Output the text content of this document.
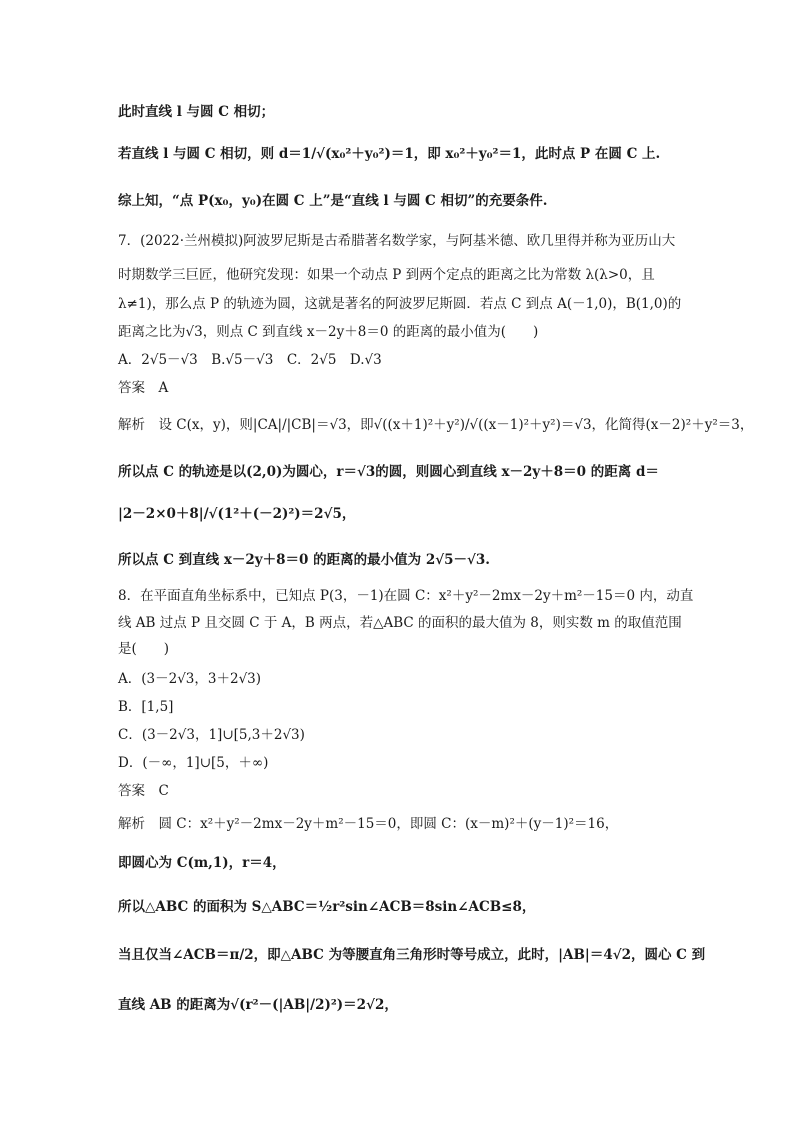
此时直线 l 与圆 C 相切；
若直线 l 与圆 C 相切，则 d＝1/√(x₀²＋y₀²)＝1，即 x₀²＋y₀²＝1，此时点 P 在圆 C 上.
综上知，“点 P(x₀，y₀)在圆 C 上”是“直线 l 与圆 C 相切”的充要条件.
7．(2022·兰州模拟)阿波罗尼斯是古希腊著名数学家，与阿基米德、欧几里得并称为亚历山大
时期数学三巨匠，他研究发现：如果一个动点 P 到两个定点的距离之比为常数 λ(λ>0，且
λ≠1)，那么点 P 的轨迹为圆，这就是著名的阿波罗尼斯圆．若点 C 到点 A(－1,0)，B(1,0)的
距离之比为√3，则点 C 到直线 x－2y＋8＝0 的距离的最小值为(　　)
A．2√5－√3　B.√5－√3　C．2√5　D.√3
答案　A
解析　设 C(x，y)，则|CA|/|CB|＝√3，即√((x＋1)²＋y²)/√((x－1)²＋y²)＝√3，化简得(x－2)²＋y²＝3，
所以点 C 的轨迹是以(2,0)为圆心，r＝√3的圆，则圆心到直线 x－2y＋8＝0 的距离 d＝
|2－2×0＋8|/√(1²＋(－2)²)＝2√5，
所以点 C 到直线 x－2y＋8＝0 的距离的最小值为 2√5－√3.
8．在平面直角坐标系中，已知点 P(3，－1)在圆 C：x²＋y²－2mx－2y＋m²－15＝0 内，动直
线 AB 过点 P 且交圆 C 于 A，B 两点，若△ABC 的面积的最大值为 8，则实数 m 的取值范围
是(　　)
A．(3－2√3，3＋2√3)
B．[1,5]
C．(3－2√3，1]∪[5,3＋2√3)
D．(－∞，1]∪[5，＋∞)
答案　C
解析　圆 C：x²＋y²－2mx－2y＋m²－15＝0，即圆 C：(x－m)²＋(y－1)²＝16，
即圆心为 C(m,1)，r＝4，
所以△ABC 的面积为 S△ABC＝½r²sin∠ACB＝8sin∠ACB≤8，
当且仅当∠ACB＝π/2，即△ABC 为等腰直角三角形时等号成立，此时，|AB|＝4√2，圆心 C 到
直线 AB 的距离为√(r²－(|AB|/2)²)＝2√2，
